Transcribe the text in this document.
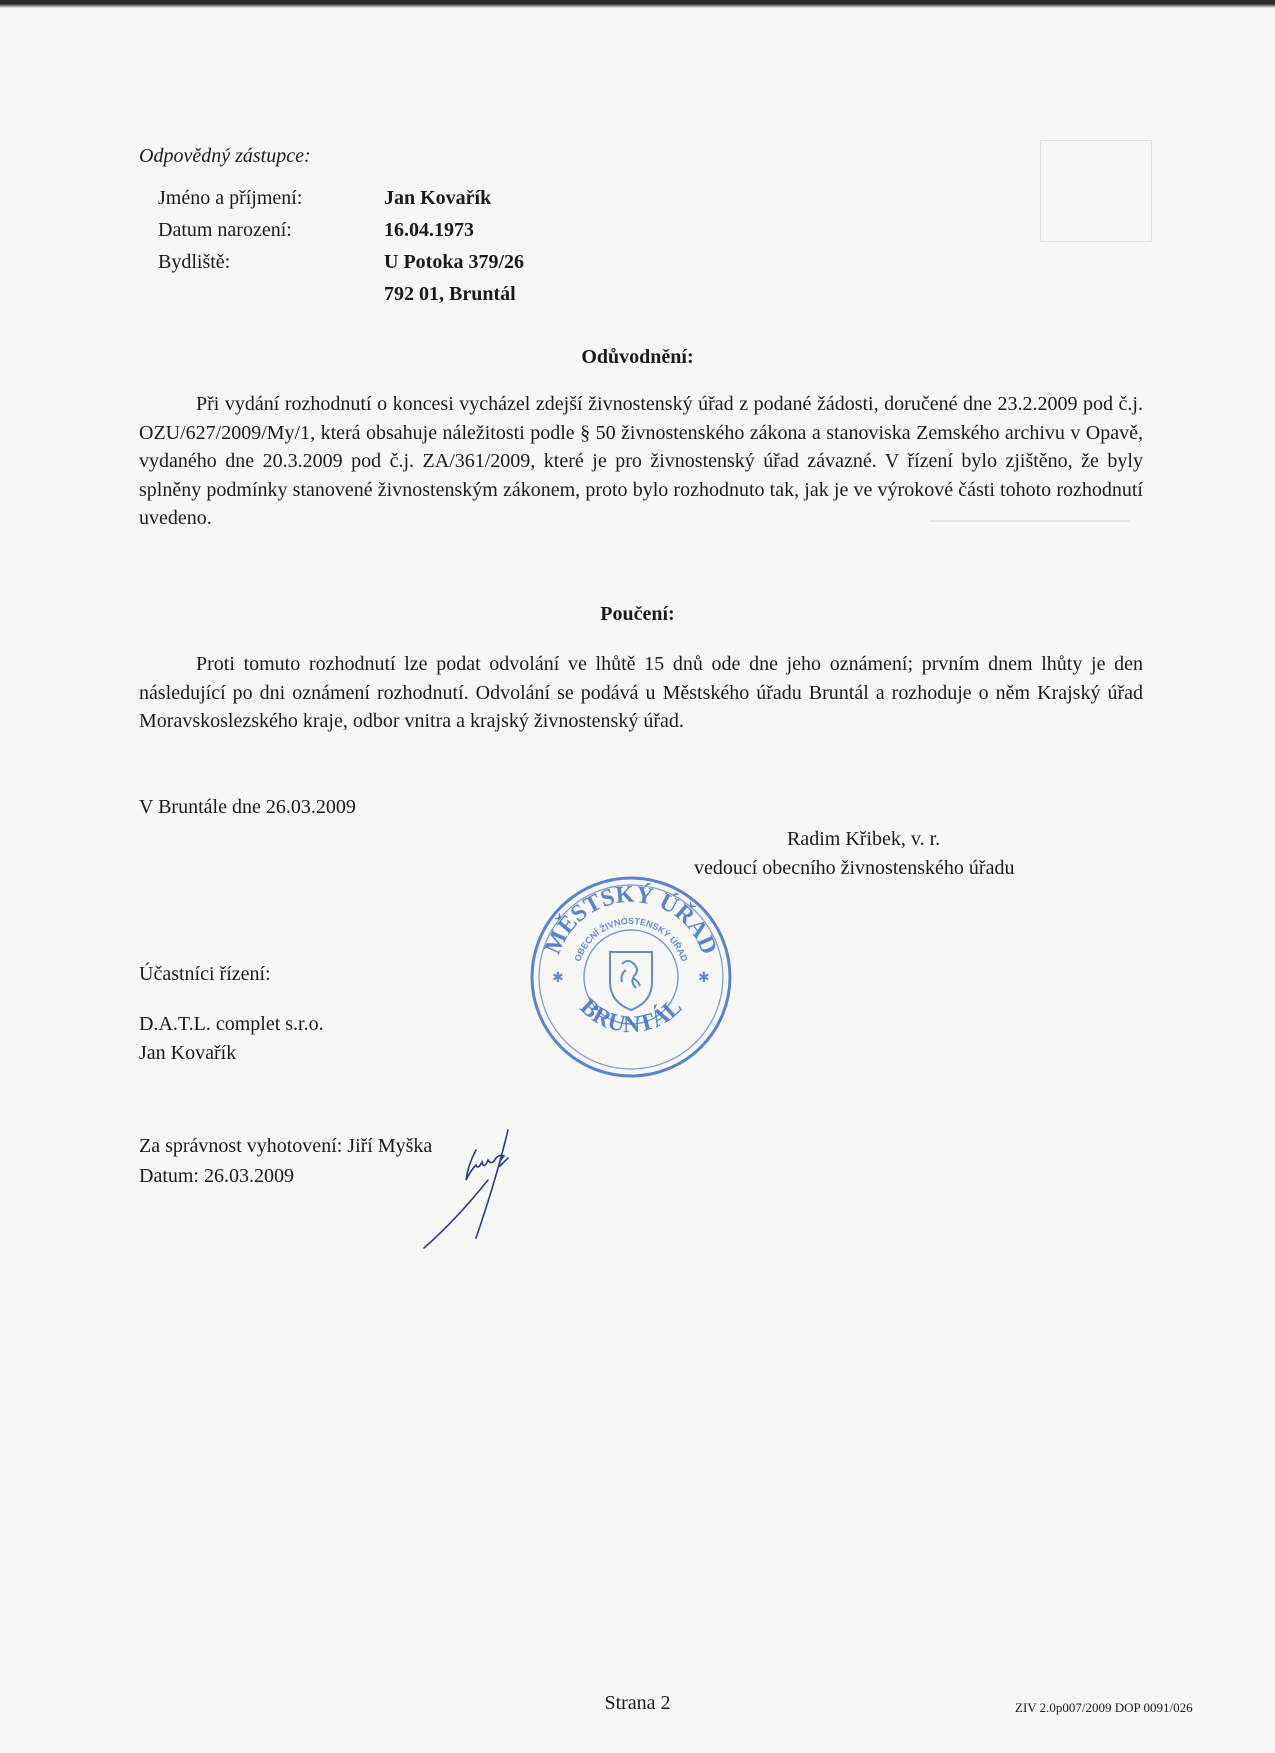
Odpovědný zástupce:
Jméno a příjmení:	Jan Kovařík
Datum narození:	16.04.1973
Bydliště:	U Potoka 379/26
792 01, Bruntál
Odůvodnění:
Při vydání rozhodnutí o koncesi vycházel zdejší živnostenský úřad z podané žádosti, doručené dne 23.2.2009 pod č.j. OZU/627/2009/My/1, která obsahuje náležitosti podle § 50 živnostenského zákona a stanoviska Zemského archivu v Opavě, vydaného dne 20.3.2009 pod č.j. ZA/361/2009, které je pro živnostenský úřad závazné. V řízení bylo zjištěno, že byly splněny podmínky stanovené živnostenským zákonem, proto bylo rozhodnuto tak, jak je ve výrokové části tohoto rozhodnutí uvedeno.
Poučení:
Proti tomuto rozhodnutí lze podat odvolání ve lhůtě 15 dnů ode dne jeho oznámení; prvním dnem lhůty je den následující po dni oznámení rozhodnutí. Odvolání se podává u Městského úřadu Bruntál a rozhoduje o něm Krajský úřad Moravskoslezského kraje, odbor vnitra a krajský živnostenský úřad.
V Bruntále dne 26.03.2009
Radim Křibek, v. r.
vedoucí obecního živnostenského úřadu
MĚSTSKÝ ÚŘAD
OBECNÍ ŽIVNOSTENSKÝ ÚŘAD
BRUNTÁL
✱	✱
Účastníci řízení:
D.A.T.L. complet s.r.o.
Jan Kovařík
Za správnost vyhotovení: Jiří Myška
Datum: 26.03.2009
Strana 2	ZIV 2.0p007/2009 DOP 0091/026
